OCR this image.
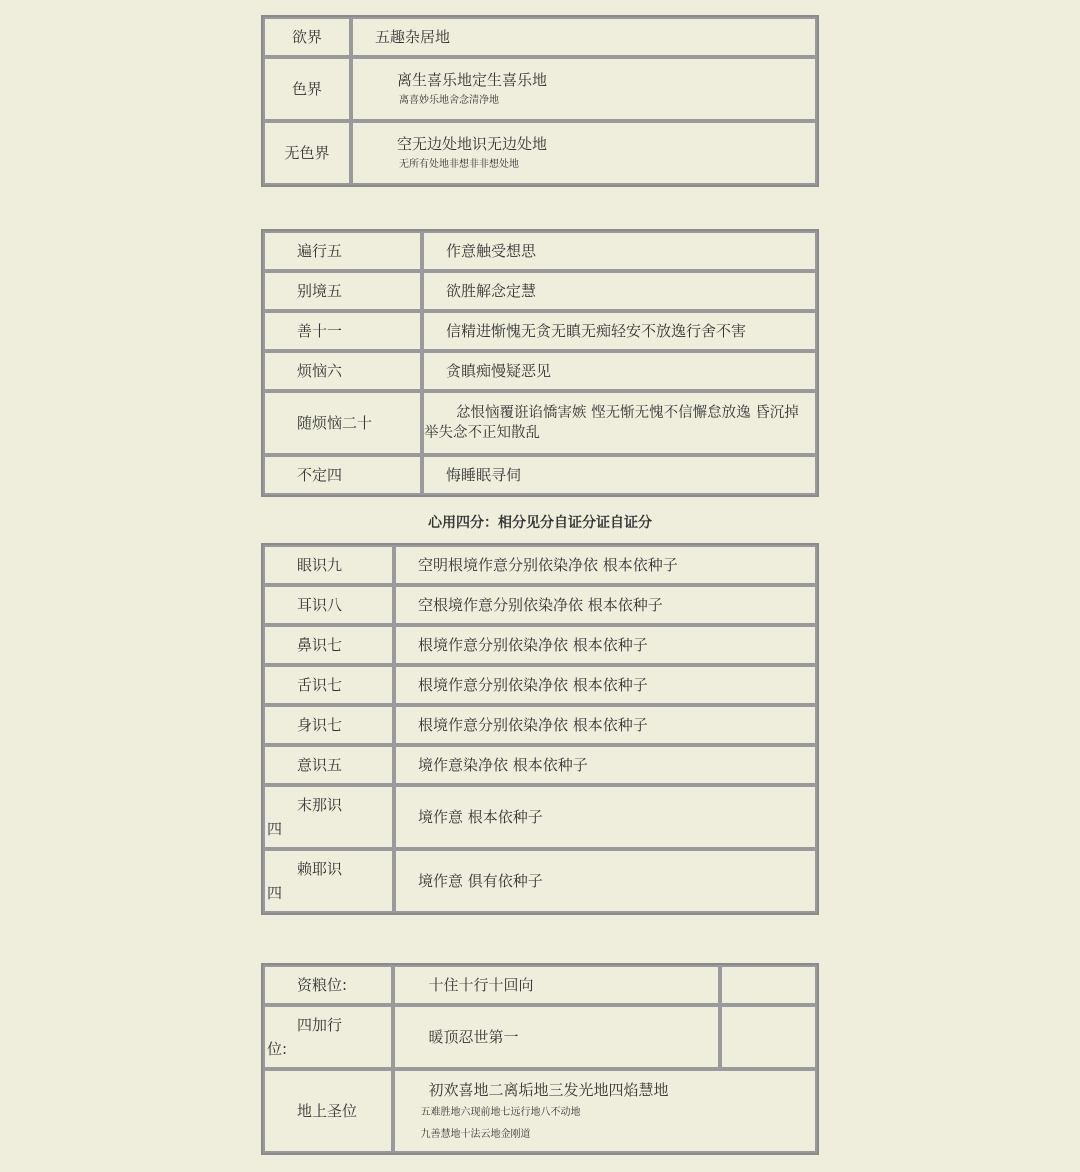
欲界	五趣杂居地
色界	离生喜乐地定生喜乐地
离喜妙乐地舍念清净地

无色界	空无边处地识无边处地
无所有处地非想非非想处地
遍行五	作意触受想思
别境五	欲胜解念定慧
善十一	信精进惭愧无贪无瞋无痴轻安不放逸行舍不害
烦恼六	贪瞋痴慢疑恶见
随烦恼二十	忿恨恼覆诳谄憍害嫉 悭无惭无愧不信懈怠放逸 昏沉掉
举失念不正知散乱

不定四	悔睡眠寻伺
心用四分：相分见分自证分证自证分
眼识九	空明根境作意分别依染净依 根本依种子
耳识八	空根境作意分别依染净依 根本依种子
鼻识七	根境作意分别依染净依 根本依种子
舌识七	根境作意分别依染净依 根本依种子
身识七	根境作意分别依染净依 根本依种子
意识五	境作意染净依 根本依种子

末那识
四	境作意 根本依种子

赖耶识
四	境作意 俱有依种子
资粮位:	十住十行十回向	

四加行
位:	暖顶忍世第一	
地上圣位	初欢喜地二离垢地三发光地四焰慧地
五难胜地六现前地七远行地八不动地
九善慧地十法云地金刚道	
